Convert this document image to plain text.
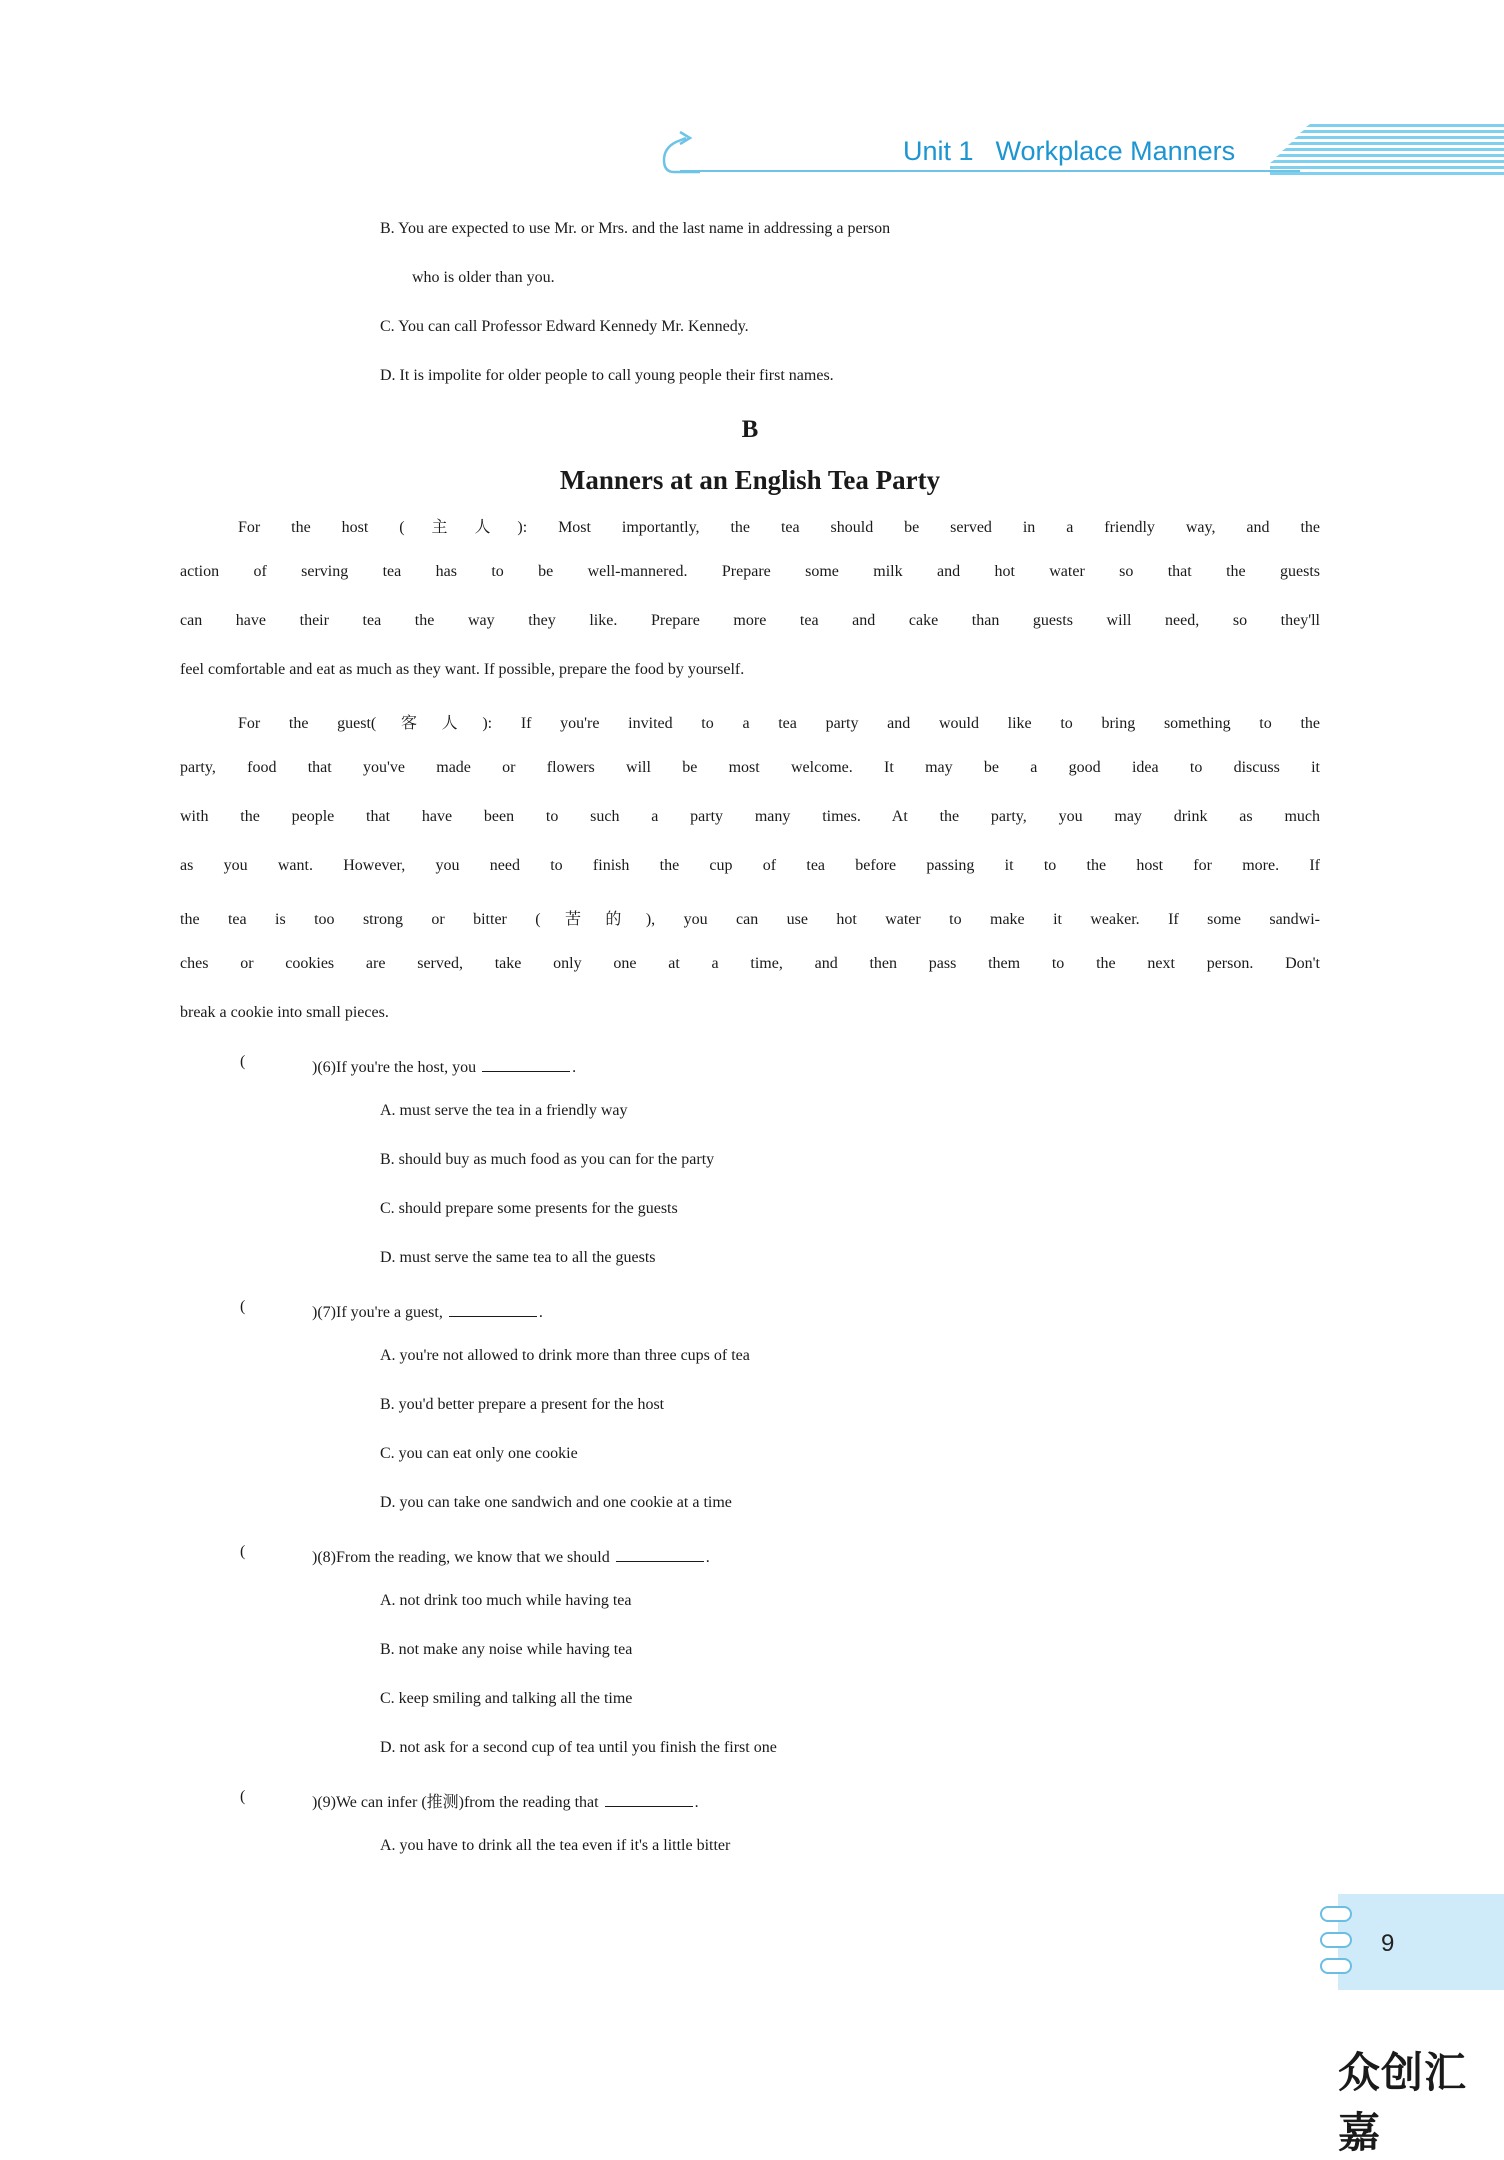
Unit 1 Workplace Manners
B. You are expected to use Mr. or Mrs. and the last name in addressing a person
who is older than you.
C. You can call Professor Edward Kennedy Mr. Kennedy.
D. It is impolite for older people to call young people their first names.
B
Manners at an English Tea Party
For the host (主人): Most importantly, the tea should be served in a friendly way, and the
action of serving tea has to be well-mannered. Prepare some milk and hot water so that the guests
can have their tea the way they like. Prepare more tea and cake than guests will need, so they'll
feel comfortable and eat as much as they want. If possible, prepare the food by yourself.
For the guest(客人): If you're invited to a tea party and would like to bring something to the
party, food that you've made or flowers will be most welcome. It may be a good idea to discuss it
with the people that have been to such a party many times. At the party, you may drink as much
as you want. However, you need to finish the cup of tea before passing it to the host for more. If
the tea is too strong or bitter (苦的), you can use hot water to make it weaker. If some sandwi-
ches or cookies are served, take only one at a time, and then pass them to the next person. Don't
break a cookie into small pieces.
(	)(6)If you're the host, you	.
A. must serve the tea in a friendly way
B. should buy as much food as you can for the party
C. should prepare some presents for the guests
D. must serve the same tea to all the guests
(	)(7)If you're a guest,	.
A. you're not allowed to drink more than three cups of tea
B. you'd better prepare a present for the host
C. you can eat only one cookie
D. you can take one sandwich and one cookie at a time
(	)(8)From the reading, we know that we should	.
A. not drink too much while having tea
B. not make any noise while having tea
C. keep smiling and talking all the time
D. not ask for a second cup of tea until you finish the first one
(	)(9)We can infer (推测)from the reading that	.
A. you have to drink all the tea even if it's a little bitter
9
众创汇嘉
